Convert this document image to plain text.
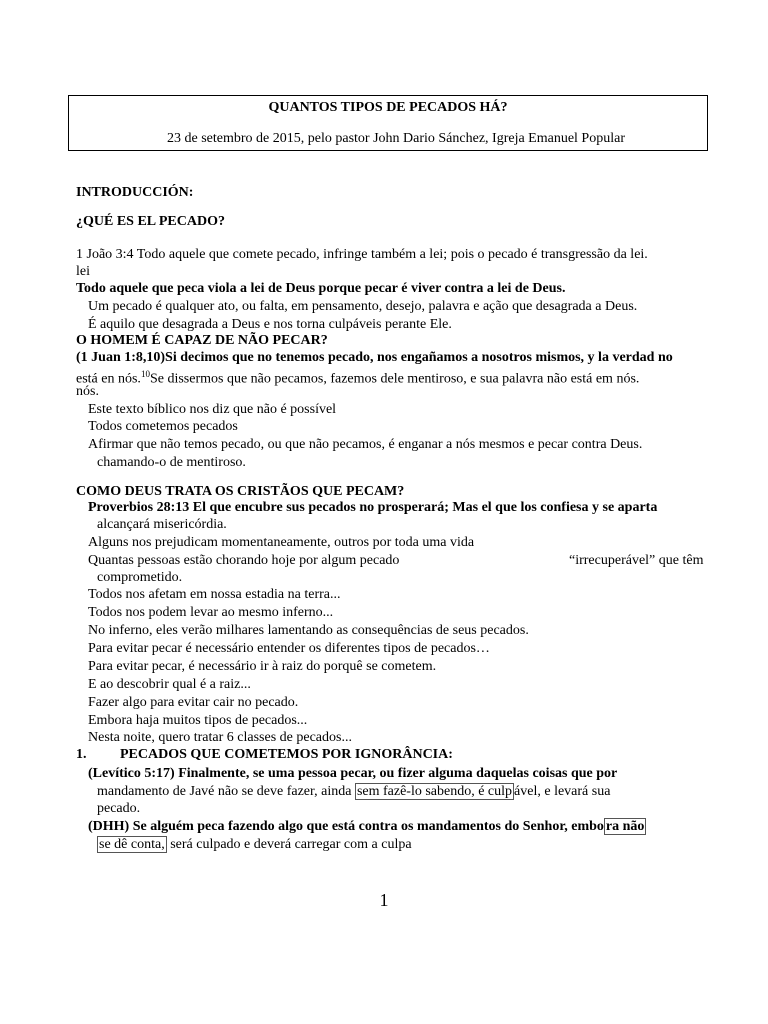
QUANTOS TIPOS DE PECADOS HÁ?
23 de setembro de 2015, pelo pastor John Dario Sánchez, Igreja Emanuel Popular
INTRODUCCIÓN:
¿QUÉ ES EL PECADO?
1 João 3:4 Todo aquele que comete pecado, infringe também a lei; pois o pecado é transgressão da lei.
lei
Todo aquele que peca viola a lei de Deus porque pecar é viver contra a lei de Deus.
Um pecado é qualquer ato, ou falta, em pensamento, desejo, palavra e ação que desagrada a Deus.
É aquilo que desagrada a Deus e nos torna culpáveis perante Ele.
O HOMEM É CAPAZ DE NÃO PECAR?
(1 Juan 1:8,10)Si decimos que no tenemos pecado, nos engañamos a nosotros mismos, y la verdad no
está en nós.$^{10}$Se dissermos que não pecamos, fazemos dele mentiroso, e sua palavra não está em nós.
nós.
Este texto bíblico nos diz que não é possível
Todos cometemos pecados
Afirmar que não temos pecado, ou que não pecamos, é enganar a nós mesmos e pecar contra Deus.
chamando-o de mentiroso.
COMO DEUS TRATA OS CRISTÃOS QUE PECAM?
Proverbios 28:13 El que encubre sus pecados no prosperará; Mas el que los confiesa y se aparta
alcançará misericórdia.
Alguns nos prejudicam momentaneamente, outros por toda uma vida
Quantas pessoas estão chorando hoje por algum pecado	“irrecuperável” que têm
comprometido.
Todos nos afetam em nossa estadia na terra...
Todos nos podem levar ao mesmo inferno...
No inferno, eles verão milhares lamentando as consequências de seus pecados.
Para evitar pecar é necessário entender os diferentes tipos de pecados…
Para evitar pecar, é necessário ir à raiz do porquê se cometem.
E ao descobrir qual é a raiz...
Fazer algo para evitar cair no pecado.
Embora haja muitos tipos de pecados...
Nesta noite, quero tratar 6 classes de pecados...
1. PECADOS QUE COMETEMOS POR IGNORÂNCIA:
(Levítico 5:17) Finalmente, se uma pessoa pecar, ou fizer alguma daquelas coisas que por
mandamento de Javé não se deve fazer, ainda sem fazê-lo sabendo, é culp ável, e levará sua
pecado.
(DHH) Se alguém peca fazendo algo que está contra os mandamentos do Senhor, embo ra não
se dê conta, será culpado e deverá carregar com a culpa
1
